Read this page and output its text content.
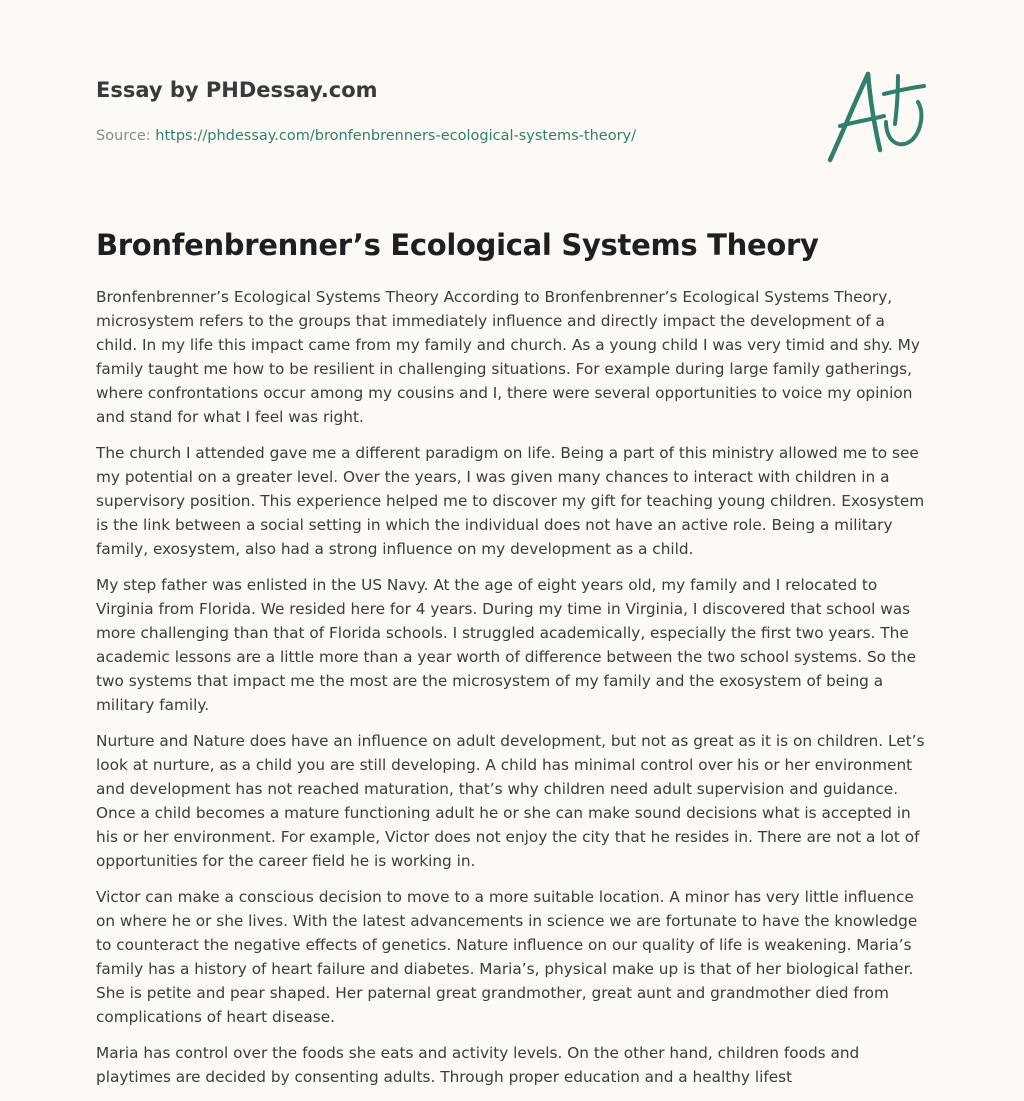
Essay by PHDessay.com
Source: https://phdessay.com/bronfenbrenners-ecological-systems-theory/
Bronfenbrenner’s Ecological Systems Theory

Bronfenbrenner’s Ecological Systems Theory According to Bronfenbrenner’s Ecological Systems Theory, microsystem refers to the groups that immediately influence and directly impact the development of a child. In my life this impact came from my family and church. As a young child I was very timid and shy. My family taught me how to be resilient in challenging situations. For example during large family gatherings, where confrontations occur among my cousins and I, there were several opportunities to voice my opinion and stand for what I feel was right.

The church I attended gave me a different paradigm on life. Being a part of this ministry allowed me to see my potential on a greater level. Over the years, I was given many chances to interact with children in a supervisory position. This experience helped me to discover my gift for teaching young children. Exosystem is the link between a social setting in which the individual does not have an active role. Being a military family, exosystem, also had a strong influence on my development as a child.

My step father was enlisted in the US Navy. At the age of eight years old, my family and I relocated to Virginia from Florida. We resided here for 4 years. During my time in Virginia, I discovered that school was more challenging than that of Florida schools. I struggled academically, especially the first two years. The academic lessons are a little more than a year worth of difference between the two school systems. So the two systems that impact me the most are the microsystem of my family and the exosystem of being a military family.

Nurture and Nature does have an influence on adult development, but not as great as it is on children. Let’s look at nurture, as a child you are still developing. A child has minimal control over his or her environment and development has not reached maturation, that’s why children need adult supervision and guidance. Once a child becomes a mature functioning adult he or she can make sound decisions what is accepted in his or her environment. For example, Victor does not enjoy the city that he resides in. There are not a lot of opportunities for the career field he is working in.

Victor can make a conscious decision to move to a more suitable location. A minor has very little influence on where he or she lives. With the latest advancements in science we are fortunate to have the knowledge to counteract the negative effects of genetics. Nature influence on our quality of life is weakening. Maria’s family has a history of heart failure and diabetes. Maria’s, physical make up is that of her biological father. She is petite and pear shaped. Her paternal great grandmother, great aunt and grandmother died from complications of heart disease.

Maria has control over the foods she eats and activity levels. On the other hand, children foods and playtimes are decided by consenting adults. Through proper education and a healthy lifest
